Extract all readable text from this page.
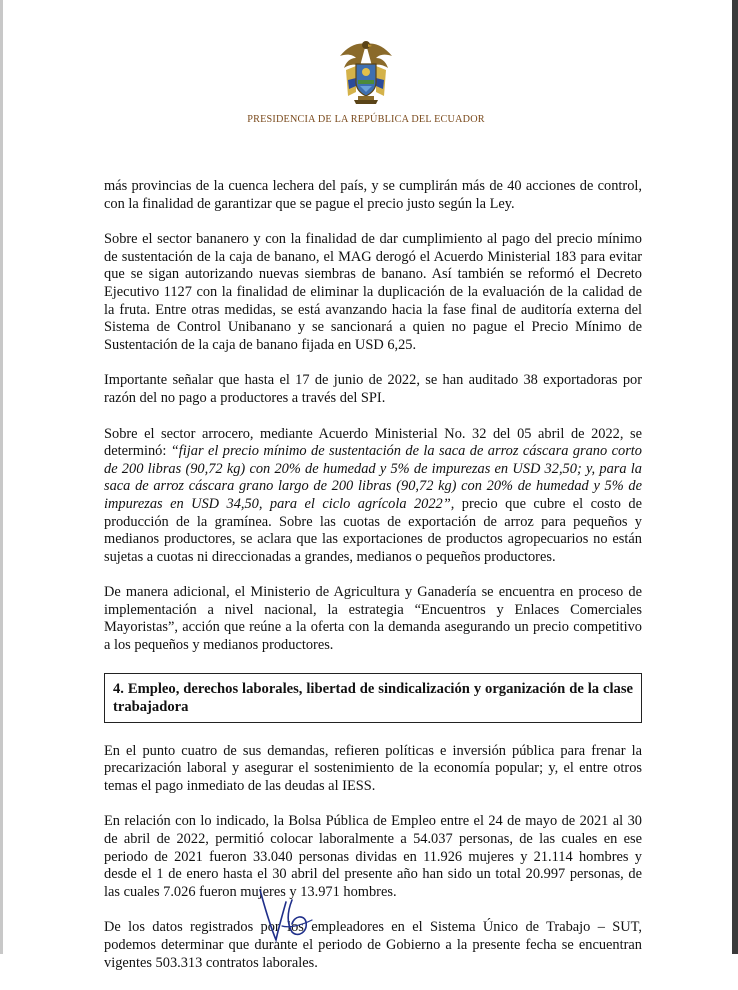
PRESIDENCIA DE LA REPÚBLICA DEL ECUADOR

más provincias de la cuenca lechera del país, y se cumplirán más de 40 acciones de control, con la finalidad de garantizar que se pague el precio justo según la Ley.

Sobre el sector bananero y con la finalidad de dar cumplimiento al pago del precio mínimo de sustentación de la caja de banano, el MAG derogó el Acuerdo Ministerial 183 para evitar que se sigan autorizando nuevas siembras de banano. Así también se reformó el Decreto Ejecutivo 1127 con la finalidad de eliminar la duplicación de la evaluación de la calidad de la fruta. Entre otras medidas, se está avanzando hacia la fase final de auditoría externa del Sistema de Control Unibanano y se sancionará a quien no pague el Precio Mínimo de Sustentación de la caja de banano fijada en USD 6,25.

Importante señalar que hasta el 17 de junio de 2022, se han auditado 38 exportadoras por razón del no pago a productores a través del SPI.

Sobre el sector arrocero, mediante Acuerdo Ministerial No. 32 del 05 abril de 2022, se determinó: “fijar el precio mínimo de sustentación de la saca de arroz cáscara grano corto de 200 libras (90,72 kg) con 20% de humedad y 5% de impurezas en USD 32,50; y, para la saca de arroz cáscara grano largo de 200 libras (90,72 kg) con 20% de humedad y 5% de impurezas en USD 34,50, para el ciclo agrícola 2022”, precio que cubre el costo de producción de la gramínea. Sobre las cuotas de exportación de arroz para pequeños y medianos productores, se aclara que las exportaciones de productos agropecuarios no están sujetas a cuotas ni direccionadas a grandes, medianos o pequeños productores.

De manera adicional, el Ministerio de Agricultura y Ganadería se encuentra en proceso de implementación a nivel nacional, la estrategia “Encuentros y Enlaces Comerciales Mayoristas”, acción que reúne a la oferta con la demanda asegurando un precio competitivo a los pequeños y medianos productores.

4. Empleo, derechos laborales, libertad de sindicalización y organización de la clase trabajadora

En el punto cuatro de sus demandas, refieren políticas e inversión pública para frenar la precarización laboral y asegurar el sostenimiento de la economía popular; y, el entre otros temas el pago inmediato de las deudas al IESS.

En relación con lo indicado, la Bolsa Pública de Empleo entre el 24 de mayo de 2021 al 30 de abril de 2022, permitió colocar laboralmente a 54.037 personas, de las cuales en ese periodo de 2021 fueron 33.040 personas dividas en 11.926 mujeres y 21.114 hombres y desde el 1 de enero hasta el 30 abril del presente año han sido un total 20.997 personas, de las cuales 7.026 fueron mujeres y 13.971 hombres.

De los datos registrados por los empleadores en el Sistema Único de Trabajo – SUT, podemos determinar que durante el periodo de Gobierno a la presente fecha se encuentran vigentes 503.313 contratos laborales.
